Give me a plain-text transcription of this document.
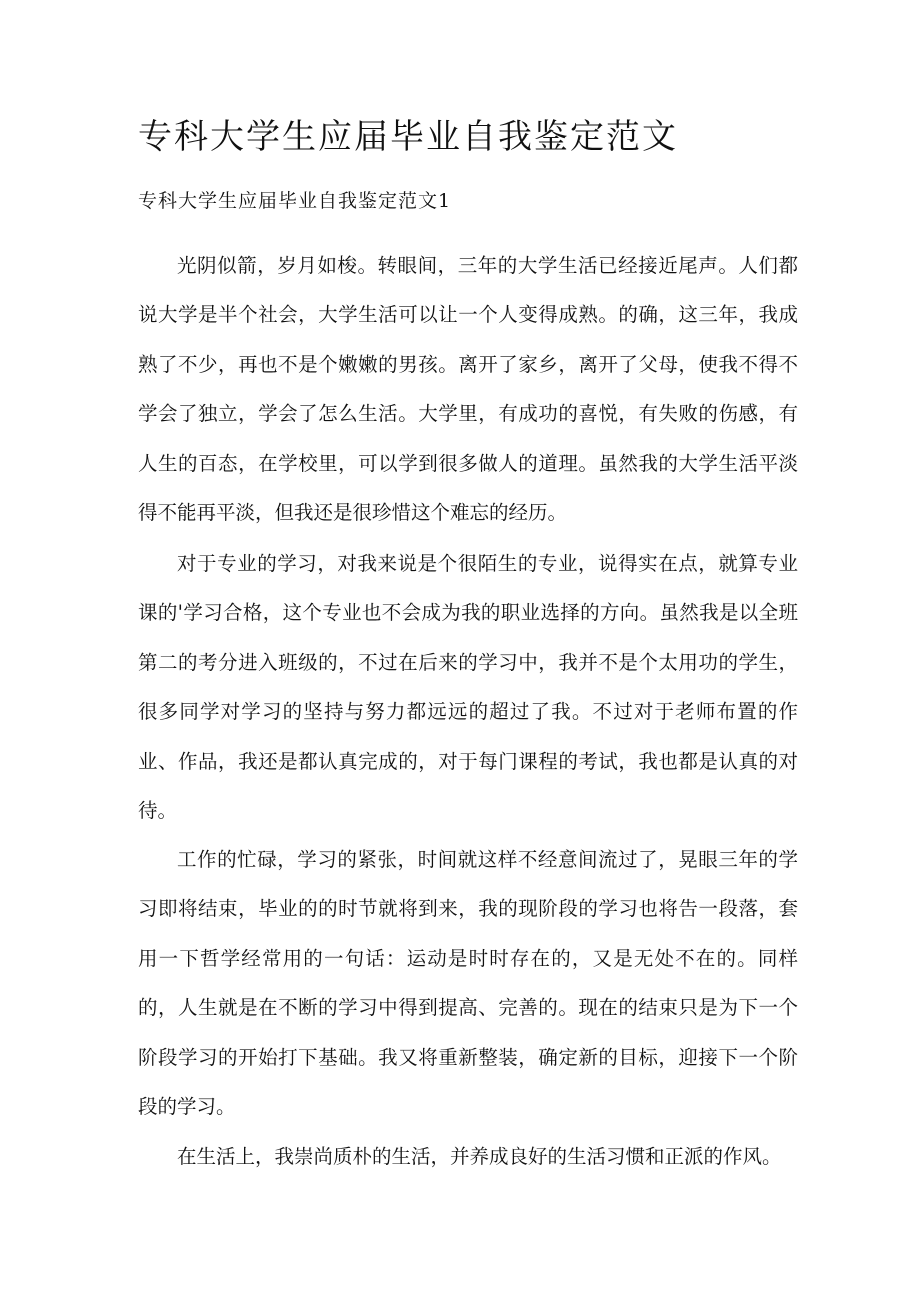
专科大学生应届毕业自我鉴定范文

专科大学生应届毕业自我鉴定范文1

光阴似箭，岁月如梭。转眼间，三年的大学生活已经接近尾声。人们都说大学是半个社会，大学生活可以让一个人变得成熟。的确，这三年，我成熟了不少，再也不是个嫩嫩的男孩。离开了家乡，离开了父母，使我不得不学会了独立，学会了怎么生活。大学里，有成功的喜悦，有失败的伤感，有人生的百态，在学校里，可以学到很多做人的道理。虽然我的大学生活平淡得不能再平淡，但我还是很珍惜这个难忘的经历。

对于专业的学习，对我来说是个很陌生的专业，说得实在点，就算专业课的'学习合格，这个专业也不会成为我的职业选择的方向。虽然我是以全班第二的考分进入班级的，不过在后来的学习中，我并不是个太用功的学生，很多同学对学习的坚持与努力都远远的超过了我。不过对于老师布置的作业、作品，我还是都认真完成的，对于每门课程的考试，我也都是认真的对待。

工作的忙碌，学习的紧张，时间就这样不经意间流过了，晃眼三年的学习即将结束，毕业的的时节就将到来，我的现阶段的学习也将告一段落，套用一下哲学经常用的一句话：运动是时时存在的，又是无处不在的。同样的，人生就是在不断的学习中得到提高、完善的。现在的结束只是为下一个阶段学习的开始打下基础。我又将重新整装，确定新的目标，迎接下一个阶段的学习。

在生活上，我崇尚质朴的生活，并养成良好的生活习惯和正派的作风。
